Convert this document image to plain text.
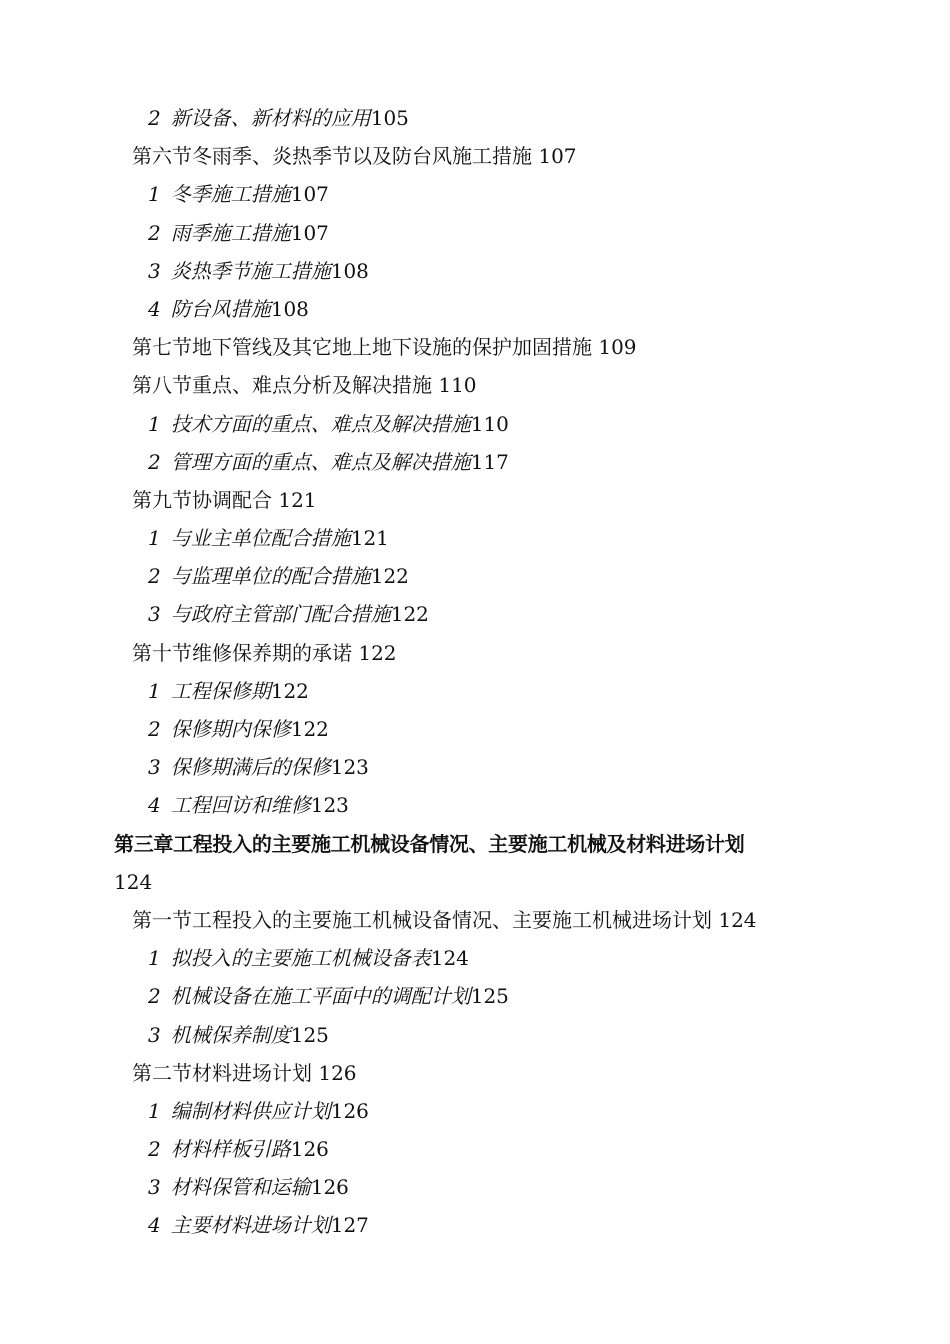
2 新设备、新材料的应用105
第六节冬雨季、炎热季节以及防台风施工措施 107
1 冬季施工措施107
2 雨季施工措施107
3 炎热季节施工措施108
4 防台风措施108
第七节地下管线及其它地上地下设施的保护加固措施 109
第八节重点、难点分析及解决措施 110
1 技术方面的重点、难点及解决措施110
2 管理方面的重点、难点及解决措施117
第九节协调配合 121
1 与业主单位配合措施121
2 与监理单位的配合措施122
3 与政府主管部门配合措施122
第十节维修保养期的承诺 122
1 工程保修期122
2 保修期内保修122
3 保修期满后的保修123
4 工程回访和维修123
第三章工程投入的主要施工机械设备情况、主要施工机械及材料进场计划
124
第一节工程投入的主要施工机械设备情况、主要施工机械进场计划 124
1 拟投入的主要施工机械设备表124
2 机械设备在施工平面中的调配计划125
3 机械保养制度125
第二节材料进场计划 126
1 编制材料供应计划126
2 材料样板引路126
3 材料保管和运输126
4 主要材料进场计划127
